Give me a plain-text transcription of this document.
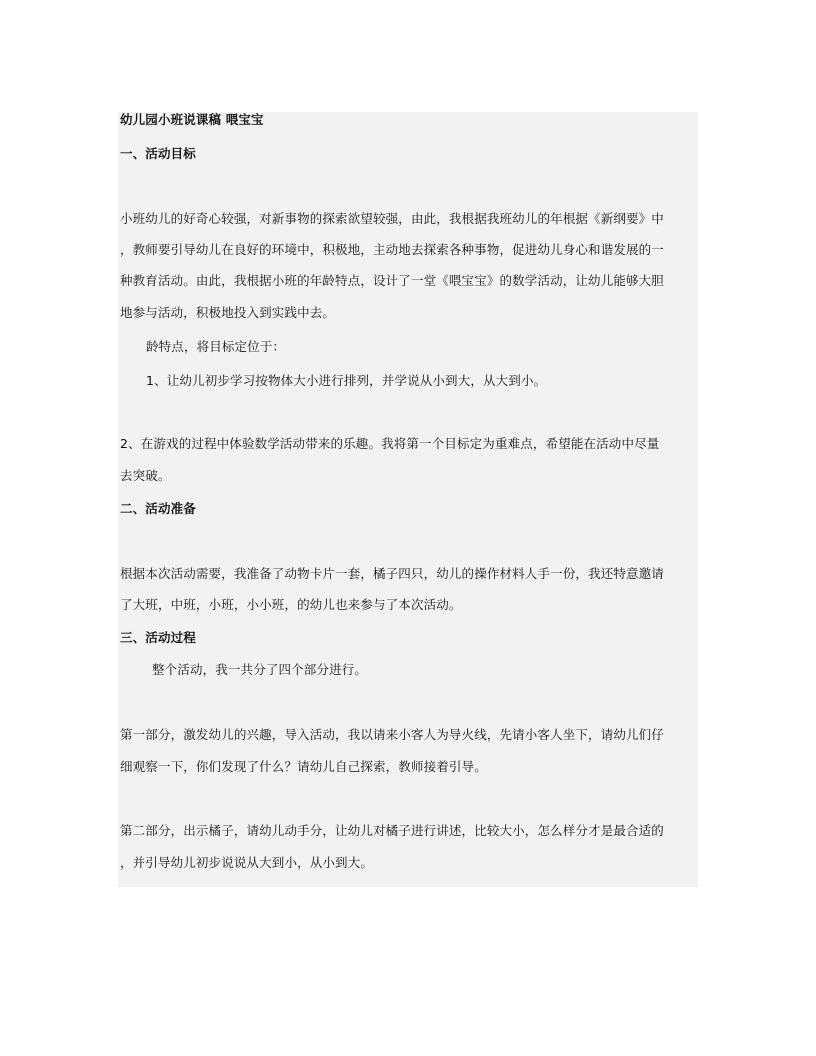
幼儿园小班说课稿 喂宝宝
一、活动目标
小班幼儿的好奇心较强，对新事物的探索欲望较强，由此，我根据我班幼儿的年根据《新纲要》中
，教师要引导幼儿在良好的环境中，积极地，主动地去探索各种事物，促进幼儿身心和谐发展的一
种教育活动。由此，我根据小班的年龄特点，设计了一堂《喂宝宝》的数学活动，让幼儿能够大胆
地参与活动，积极地投入到实践中去。
龄特点，将目标定位于：
1、让幼儿初步学习按物体大小进行排列，并学说从小到大，从大到小。
2、在游戏的过程中体验数学活动带来的乐趣。我将第一个目标定为重难点，希望能在活动中尽量
去突破。
二、活动准备
根据本次活动需要，我准备了动物卡片一套，橘子四只，幼儿的操作材料人手一份，我还特意邀请
了大班，中班，小班，小小班，的幼儿也来参与了本次活动。
三、活动过程
整个活动，我一共分了四个部分进行。
第一部分，激发幼儿的兴趣，导入活动，我以请来小客人为导火线，先请小客人坐下，请幼儿们仔
细观察一下，你们发现了什么？请幼儿自己探索，教师接着引导。
第二部分，出示橘子，请幼儿动手分，让幼儿对橘子进行讲述，比较大小，怎么样分才是最合适的
，并引导幼儿初步说说从大到小，从小到大。
